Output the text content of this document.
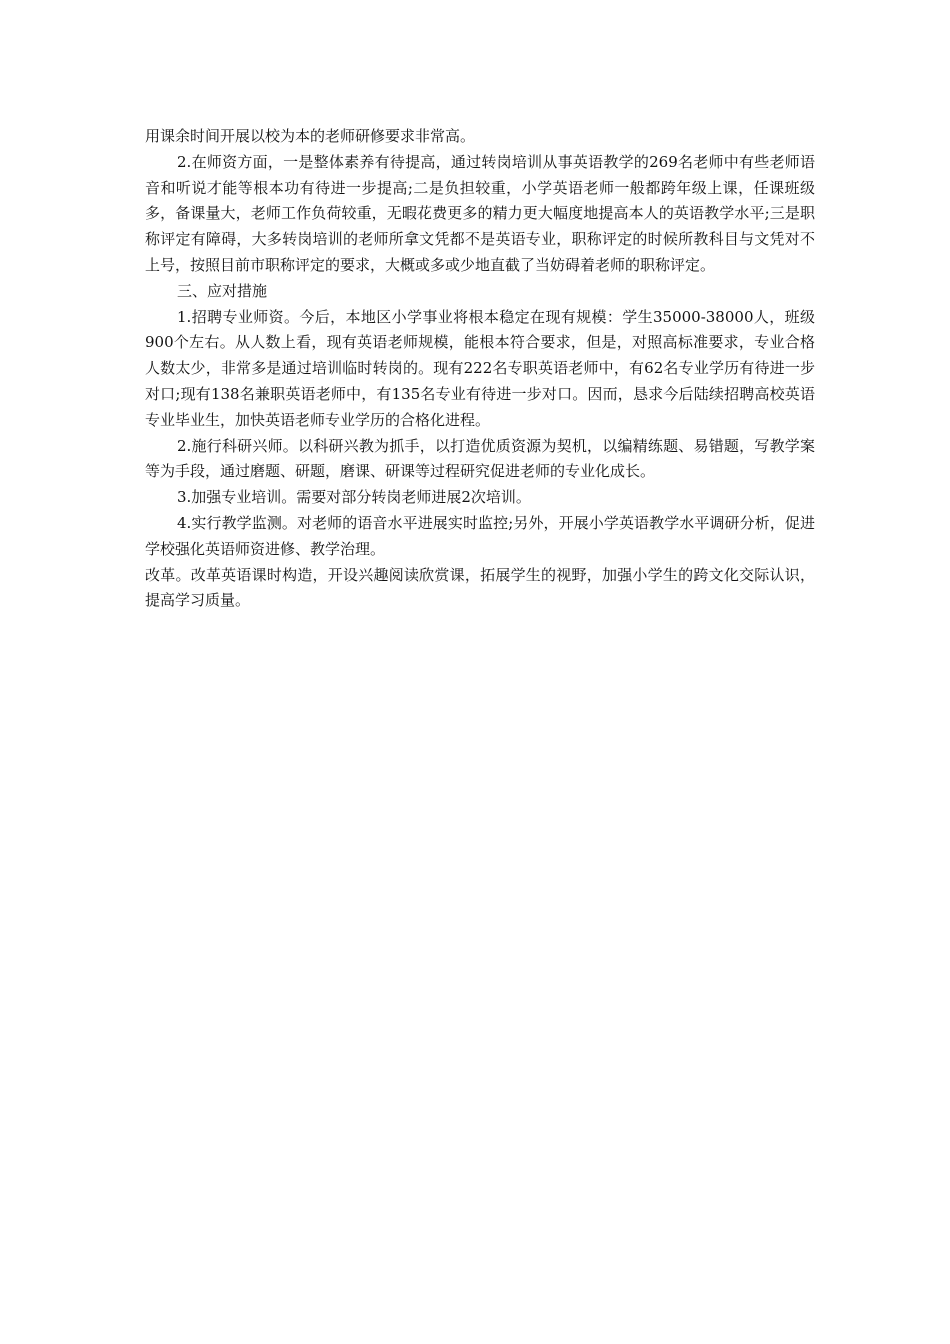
用课余时间开展以校为本的老师研修要求非常高。

2.在师资方面，一是整体素养有待提高，通过转岗培训从事英语教学的269名老师中有些老师语音和听说才能等根本功有待进一步提高;二是负担较重，小学英语老师一般都跨年级上课，任课班级多，备课量大，老师工作负荷较重，无暇花费更多的精力更大幅度地提高本人的英语教学水平;三是职称评定有障碍，大多转岗培训的老师所拿文凭都不是英语专业，职称评定的时候所教科目与文凭对不上号，按照目前市职称评定的要求，大概或多或少地直截了当妨碍着老师的职称评定。

三、应对措施

1.招聘专业师资。今后，本地区小学事业将根本稳定在现有规模：学生35000-38000人，班级900个左右。从人数上看，现有英语老师规模，能根本符合要求，但是，对照高标准要求，专业合格人数太少，非常多是通过培训临时转岗的。现有222名专职英语老师中，有62名专业学历有待进一步对口;现有138名兼职英语老师中，有135名专业有待进一步对口。因而，恳求今后陆续招聘高校英语专业毕业生，加快英语老师专业学历的合格化进程。

2.施行科研兴师。以科研兴教为抓手，以打造优质资源为契机，以编精练题、易错题，写教学案等为手段，通过磨题、研题，磨课、研课等过程研究促进老师的专业化成长。

3.加强专业培训。需要对部分转岗老师进展2次培训。

4.实行教学监测。对老师的语音水平进展实时监控;另外，开展小学英语教学水平调研分析，促进学校强化英语师资进修、教学治理。

改革。改革英语课时构造，开设兴趣阅读欣赏课，拓展学生的视野，加强小学生的跨文化交际认识，提高学习质量。
